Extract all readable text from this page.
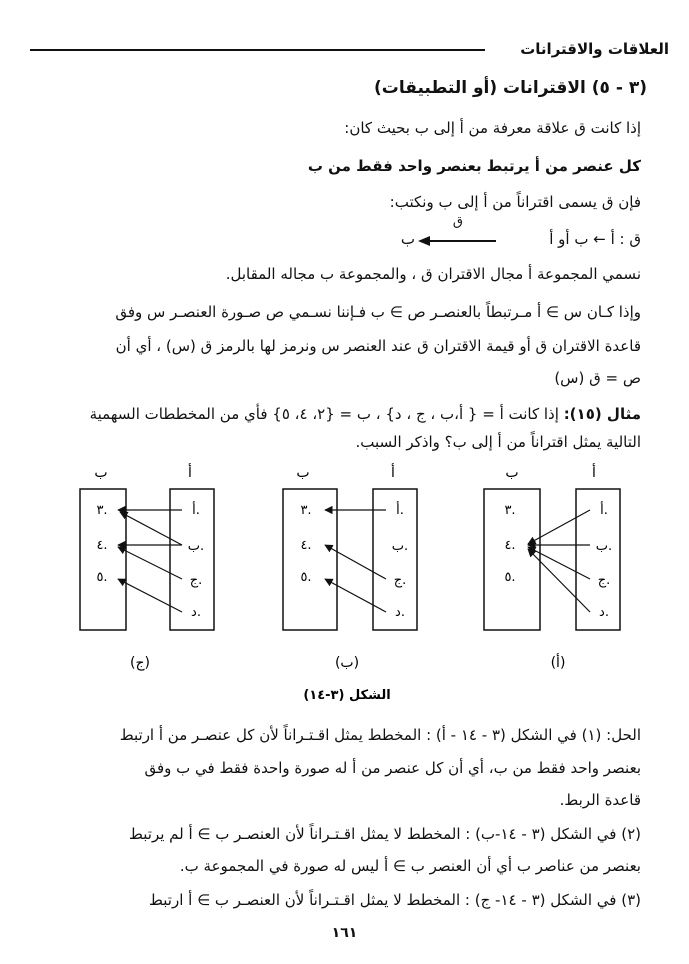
العلاقات والاقترانات
(٣ - ٥) الاقترانات (أو التطبيقات)
إذا كانت ق علاقة معرفة من أ إلى ب بحيث كان:
كل عنصر من أ يرتبط بعنصر واحد فقط من ب
فإن ق يسمى اقتراناً من أ إلى ب ونكتب:
ق : أ ← ب أو أ
ق
ب
نسمي المجموعة أ مجال الاقتران ق ، والمجموعة ب مجاله المقابل.
وإذا كـان س ∋ أ مـرتبطاً بالعنصـر ص ∋ ب فـإننا نسـمي ص صـورة العنصـر س وفق
قاعدة الاقتران ق أو قيمة الاقتران ق عند العنصر س ونرمز لها بالرمز ق (س) ، أي أن
ص = ق (س)
مثال (١٥): إذا كانت أ = { أ،ب ، ج ، د} ، ب = {٢، ٤، ٥} فأي من المخططات السهمية
التالية يمثل اقتراناً من أ إلى ب؟ واذكر السبب.
أ
ب
أ.
ب.
ج.
د.
٣.
٤.
٥.
(أ)
أ
ب
أ.
ب.
ج.
د.
٣.
٤.
٥.
(ب)
أ
ب
أ.
ب.
ج.
د.
٣.
٤.
٥.
(ج)
الشكل (٣-١٤)
الحل: (١) في الشكل (٣ - ١٤ - أ) : المخطط يمثل اقـتـراناً لأن كل عنصـر من أ ارتبط
بعنصر واحد فقط من ب، أي أن كل عنصر من أ له صورة واحدة فقط في ب وفق
قاعدة الربط.
(٢) في الشكل (٣ - ١٤-ب) : المخطط لا يمثل اقـتـراناً لأن العنصـر ب ∋ أ لم يرتبط
بعنصر من عناصر ب أي أن العنصر ب ∋ أ ليس له صورة في المجموعة ب.
(٣) في الشكل (٣ - ١٤- ج) : المخطط لا يمثل اقـتـراناً لأن العنصـر ب ∋ أ ارتبط
١٦١
